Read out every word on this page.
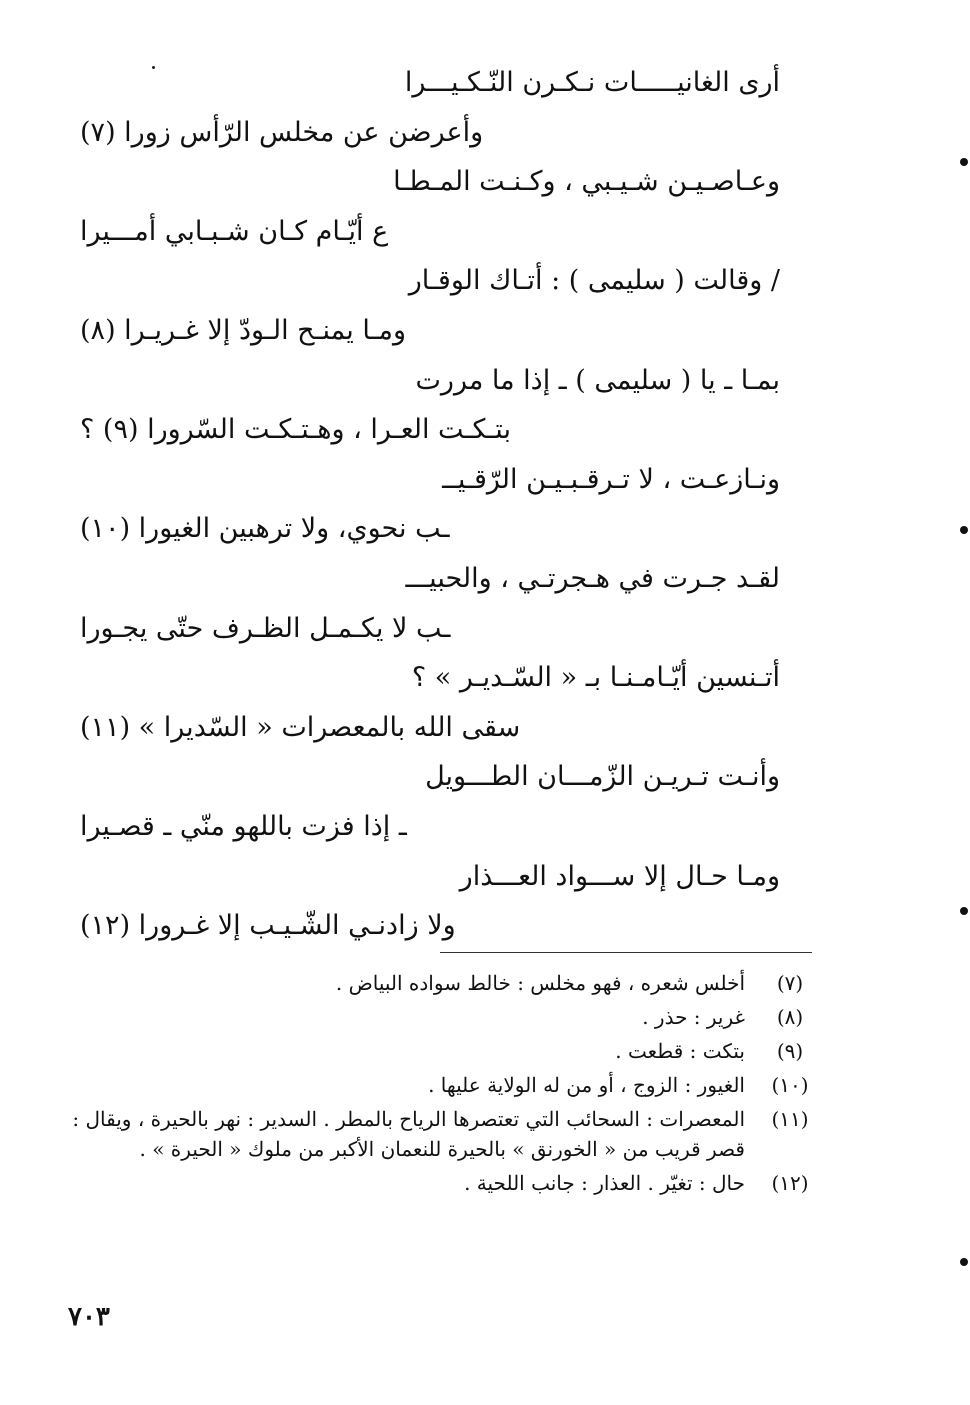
أرى الغانيـــــات نـكـرن النّـكـيـــرا
وأعرضن عن مخلس الرّأس زورا (٧)
وعـاصـيـن شـيـبي ، وكـنـت المـطـا
ع أيّـام كـان شـبـابي أمـــيرا
/ وقالت ( سليمى ) : أتـاك الوقـار
ومـا يمنـح الـودّ إلا غـريـرا (٨)
بمـا ـ يا ( سليمى ) ـ إذا ما مررت
بتـكـت العـرا ، وهـتـكـت السّرورا (٩) ؟
ونـازعـت ، لا تـرقـبـيـن الرّقـيــ
ـب نحوي، ولا ترهبين الغيورا (١٠)
لقـد جـرت في هـجرتـي ، والحبيـــ
ـب لا يكـمـل الظـرف حتّى يجـورا
أتـنسين أيّـامـنـا بـ « السّـديـر » ؟
سقى الله بالمعصرات « السّديرا » (١١)
وأنـت تـريـن الزّمـــان الطـــويل
ـ إذا فزت باللهو منّي ـ قصـيرا
ومـا حـال إلا ســـواد العـــذار
ولا زادنـي الشّـيـب إلا غـرورا (١٢)
(٧)
أخلس شعره ، فهو مخلس : خالط سواده البياض .
(٨)
غرير : حذر .
(٩)
بتكت : قطعت .
(١٠)
الغيور : الزوج ، أو من له الولاية عليها .
(١١)
المعصرات : السحائب التي تعتصرها الرياح بالمطر . السدير : نهر بالحيرة ، ويقال : قصر قريب من « الخورنق » بالحيرة للنعمان الأكبر من ملوك « الحيرة » .
(١٢)
حال : تغيّر . العذار : جانب اللحية .
٧٠٣
